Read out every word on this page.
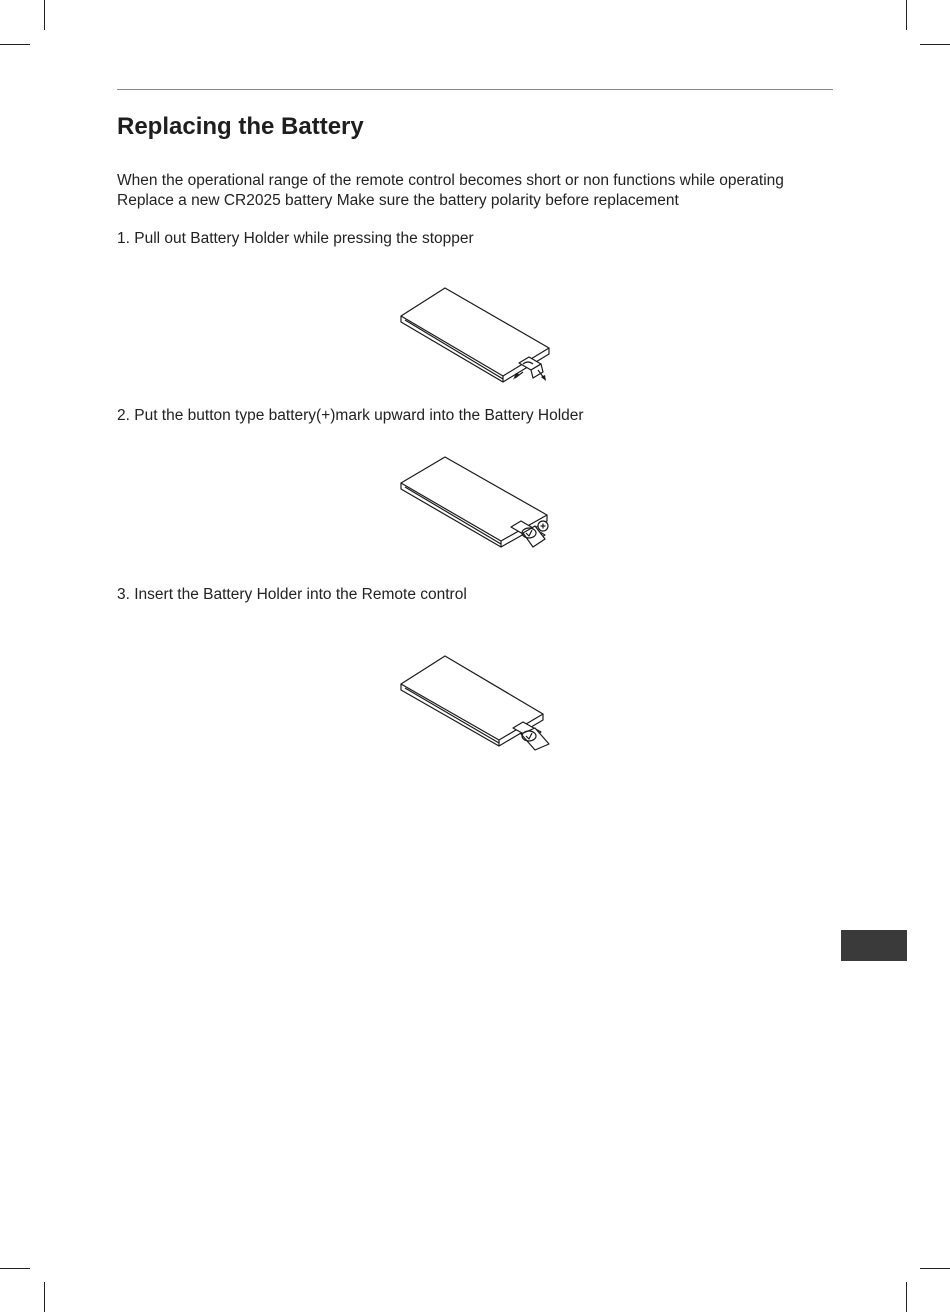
Replacing the Battery
When the operational range of the remote control becomes short or non functions while operating
Replace a new CR2025 battery Make sure the battery polarity before replacement
1. Pull out Battery Holder while pressing the stopper
2. Put the button type battery(+)mark upward into the Battery Holder
3. Insert the Battery Holder into the Remote control
